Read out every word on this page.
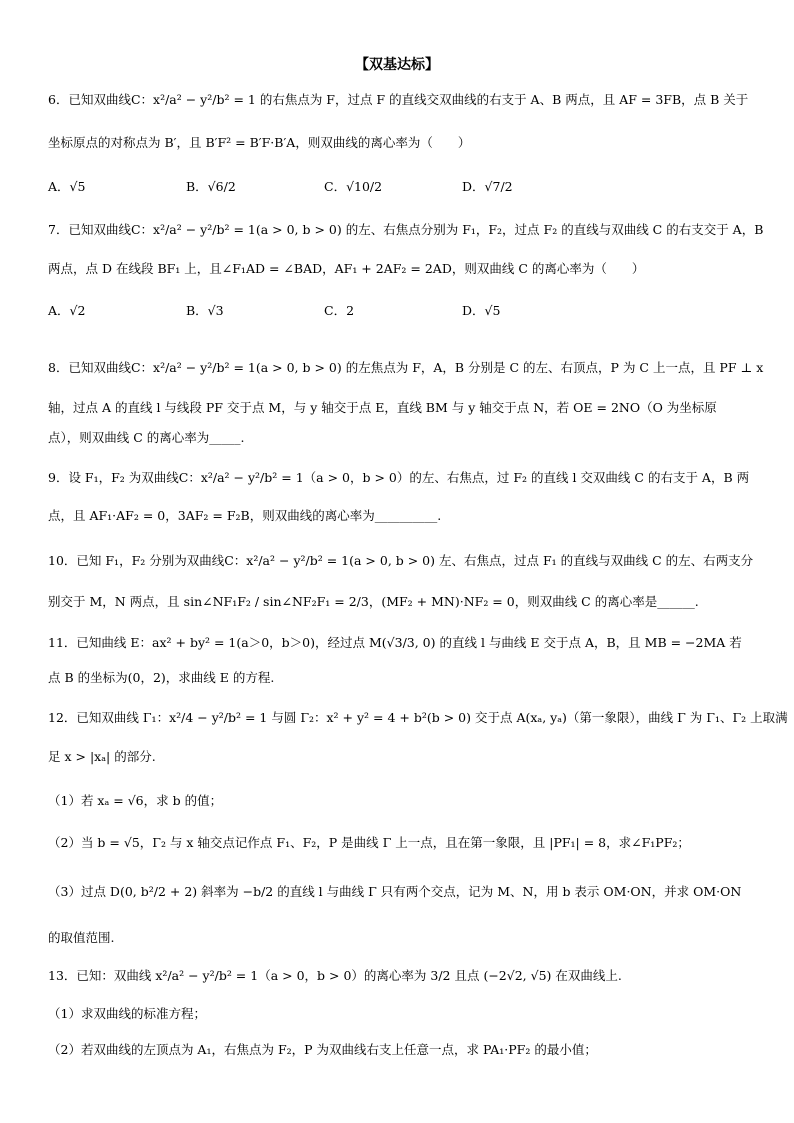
【双基达标】
6．已知双曲线C：x²/a² − y²/b² = 1 的右焦点为 F，过点 F 的直线交双曲线的右支于 A、B 两点，且 AF = 3FB，点 B 关于
坐标原点的对称点为 B′，且 B′F² = B′F·B′A，则双曲线的离心率为（　　）
A．√5	B．√6/2	C．√10/2	D．√7/2
7．已知双曲线C：x²/a² − y²/b² = 1(a > 0, b > 0) 的左、右焦点分别为 F₁，F₂，过点 F₂ 的直线与双曲线 C 的右支交于 A，B
两点，点 D 在线段 BF₁ 上，且∠F₁AD = ∠BAD，AF₁ + 2AF₂ = 2AD，则双曲线 C 的离心率为（　　）
A．√2	B．√3	C．2	D．√5
8．已知双曲线C：x²/a² − y²/b² = 1(a > 0, b > 0) 的左焦点为 F，A，B 分别是 C 的左、右顶点，P 为 C 上一点，且 PF ⊥ x
轴，过点 A 的直线 l 与线段 PF 交于点 M，与 y 轴交于点 E，直线 BM 与 y 轴交于点 N，若 OE = 2NO（O 为坐标原
点），则双曲线 C 的离心率为_____.
9．设 F₁，F₂ 为双曲线C：x²/a² − y²/b² = 1（a > 0，b > 0）的左、右焦点，过 F₂ 的直线 l 交双曲线 C 的右支于 A，B 两
点，且 AF₁·AF₂ = 0，3AF₂ = F₂B，则双曲线的离心率为__________.
10．已知 F₁，F₂ 分别为双曲线C：x²/a² − y²/b² = 1(a > 0, b > 0) 左、右焦点，过点 F₁ 的直线与双曲线 C 的左、右两支分
别交于 M，N 两点，且 sin∠NF₁F₂ / sin∠NF₂F₁ = 2/3，(MF₂ + MN)·NF₂ = 0，则双曲线 C 的离心率是______.
11．已知曲线 E：ax² + by² = 1(a＞0，b＞0)，经过点 M(√3/3, 0) 的直线 l 与曲线 E 交于点 A，B，且 MB = −2MA 若
点 B 的坐标为(0，2)，求曲线 E 的方程.
12．已知双曲线 Γ₁：x²/4 − y²/b² = 1 与圆 Γ₂：x² + y² = 4 + b²(b > 0) 交于点 A(xₐ, yₐ)（第一象限），曲线 Γ 为 Γ₁、Γ₂ 上取满
足 x > |xₐ| 的部分.
（1）若 xₐ = √6，求 b 的值；
（2）当 b = √5，Γ₂ 与 x 轴交点记作点 F₁、F₂，P 是曲线 Γ 上一点，且在第一象限，且 |PF₁| = 8，求∠F₁PF₂；
（3）过点 D(0, b²/2 + 2) 斜率为 −b/2 的直线 l 与曲线 Γ 只有两个交点，记为 M、N，用 b 表示 OM·ON，并求 OM·ON
的取值范围.
13．已知：双曲线 x²/a² − y²/b² = 1（a > 0，b > 0）的离心率为 3/2 且点 (−2√2, √5) 在双曲线上.
（1）求双曲线的标准方程；
（2）若双曲线的左顶点为 A₁，右焦点为 F₂，P 为双曲线右支上任意一点，求 PA₁·PF₂ 的最小值；
